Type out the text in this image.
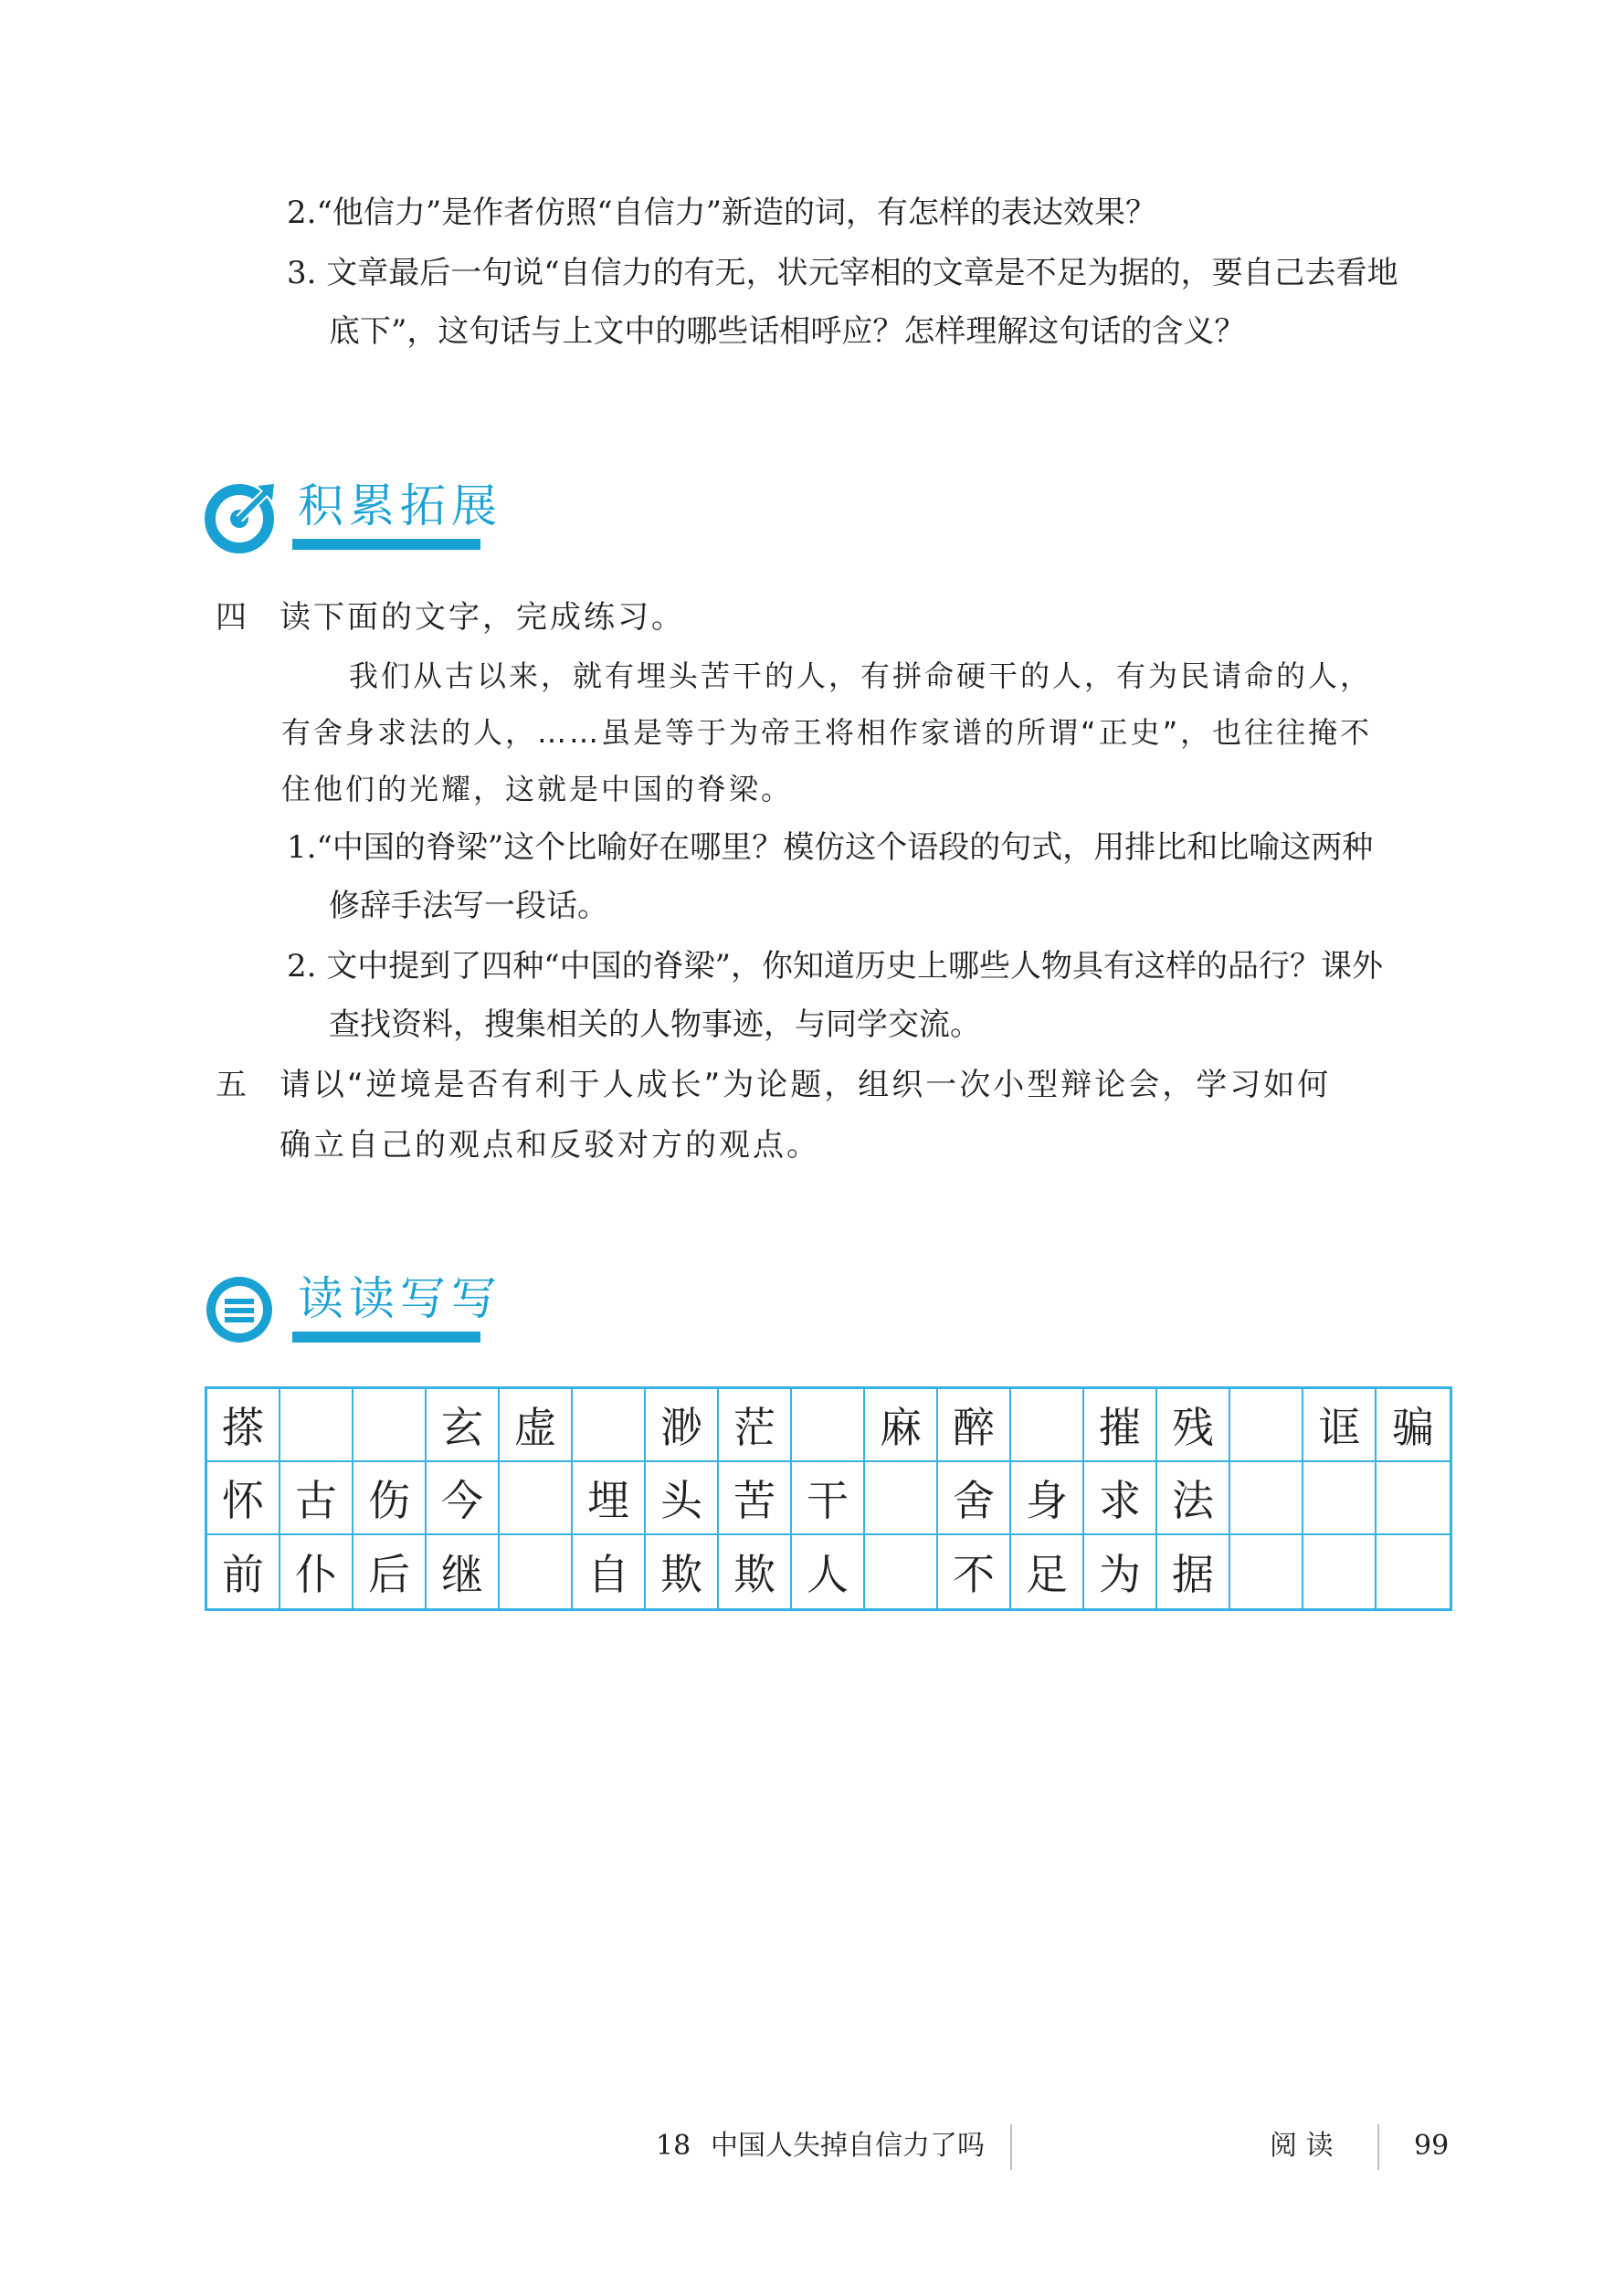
2.“他信力”是作者仿照“自信力”新造的词，有怎样的表达效果？
3. 文章最后一句说“自信力的有无，状元宰相的文章是不足为据的，要自己去看地
底下”，这句话与上文中的哪些话相呼应？怎样理解这句话的含义？
积累拓展
四 读下面的文字，完成练习。
我们从古以来，就有埋头苦干的人，有拼命硬干的人，有为民请命的人，
有舍身求法的人，……虽是等于为帝王将相作家谱的所谓“正史”，也往往掩不
住他们的光耀，这就是中国的脊梁。
1.“中国的脊梁”这个比喻好在哪里？模仿这个语段的句式，用排比和比喻这两种
修辞手法写一段话。
2. 文中提到了四种“中国的脊梁”，你知道历史上哪些人物具有这样的品行？课外
查找资料，搜集相关的人物事迹，与同学交流。
五 请以“逆境是否有利于人成长”为论题，组织一次小型辩论会，学习如何
确立自己的观点和反驳对方的观点。
读读写写
搽	玄 虚	渺 茫	麻 醉	摧 残	诓 骗
怀 古 伤 今	埋 头 苦 干	舍 身 求 法
前 仆 后 继	自 欺 欺 人	不 足 为 据
18 中国人失掉自信力了吗	阅 读	99
